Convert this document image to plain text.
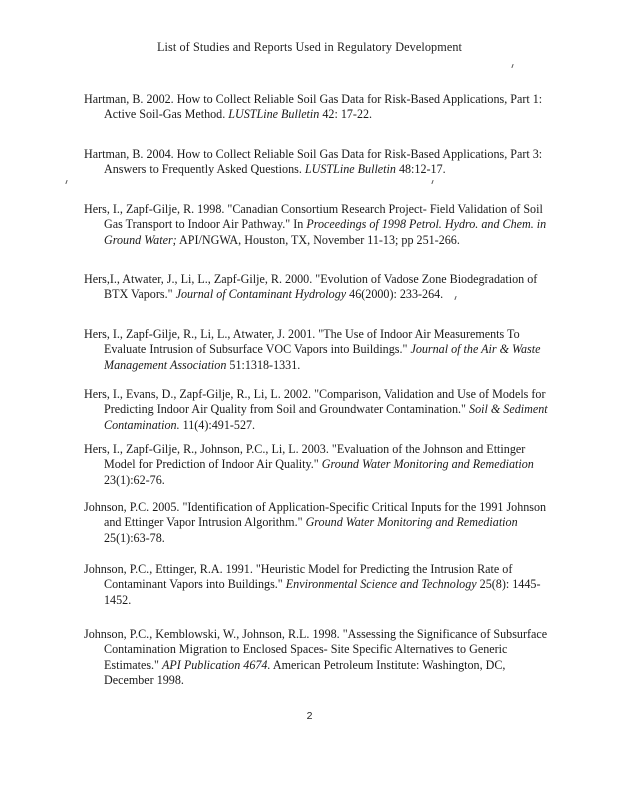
List of Studies and Reports Used in Regulatory Development

Hartman, B. 2002. How to Collect Reliable Soil Gas Data for Risk-Based Applications, Part 1: Active Soil-Gas Method. LUSTLine Bulletin 42: 17-22.

Hartman, B. 2004. How to Collect Reliable Soil Gas Data for Risk-Based Applications, Part 3: Answers to Frequently Asked Questions. LUSTLine Bulletin 48:12-17.

Hers, I., Zapf-Gilje, R. 1998. "Canadian Consortium Research Project- Field Validation of Soil Gas Transport to Indoor Air Pathway." In Proceedings of 1998 Petrol. Hydro. and Chem. in Ground Water; API/NGWA, Houston, TX, November 11-13; pp 251-266.

Hers,I., Atwater, J., Li, L., Zapf-Gilje, R. 2000. "Evolution of Vadose Zone Biodegradation of BTX Vapors." Journal of Contaminant Hydrology 46(2000): 233-264.

Hers, I., Zapf-Gilje, R., Li, L., Atwater, J. 2001. "The Use of Indoor Air Measurements To Evaluate Intrusion of Subsurface VOC Vapors into Buildings." Journal of the Air & Waste Management Association 51:1318-1331.

Hers, I., Evans, D., Zapf-Gilje, R., Li, L. 2002. "Comparison, Validation and Use of Models for Predicting Indoor Air Quality from Soil and Groundwater Contamination." Soil & Sediment Contamination. 11(4):491-527.

Hers, I., Zapf-Gilje, R., Johnson, P.C., Li, L. 2003. "Evaluation of the Johnson and Ettinger Model for Prediction of Indoor Air Quality." Ground Water Monitoring and Remediation 23(1):62-76.

Johnson, P.C. 2005. "Identification of Application-Specific Critical Inputs for the 1991 Johnson and Ettinger Vapor Intrusion Algorithm." Ground Water Monitoring and Remediation 25(1):63-78.

Johnson, P.C., Ettinger, R.A. 1991. "Heuristic Model for Predicting the Intrusion Rate of Contaminant Vapors into Buildings." Environmental Science and Technology 25(8): 1445-1452.

Johnson, P.C., Kemblowski, W., Johnson, R.L. 1998. "Assessing the Significance of Subsurface Contamination Migration to Enclosed Spaces- Site Specific Alternatives to Generic Estimates." API Publication 4674. American Petroleum Institute: Washington, DC, December 1998.

2
